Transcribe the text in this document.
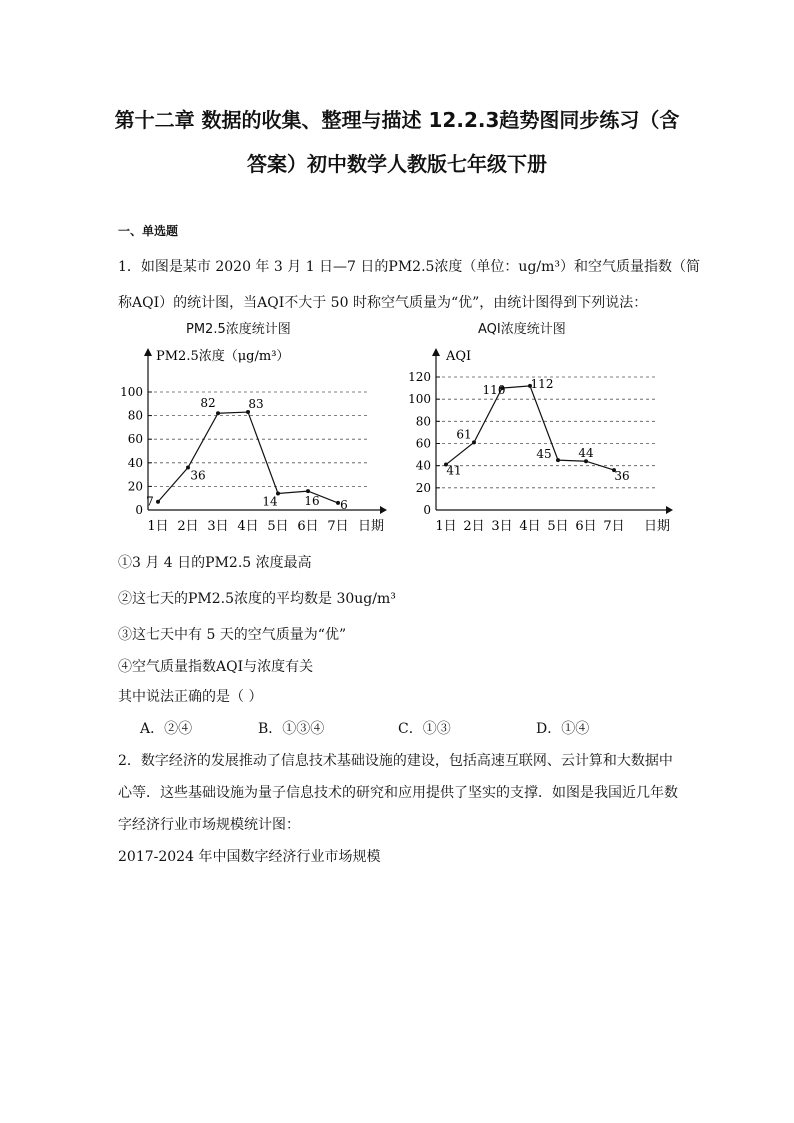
第十二章 数据的收集、整理与描述 12.2.3趋势图同步练习（含
答案）初中数学人教版七年级下册
一、单选题
1．如图是某市 2020 年 3 月 1 日—7 日的PM2.5浓度（单位：ug/m³）和空气质量指数（简
称AQI）的统计图，当AQI不大于 50 时称空气质量为“优”，由统计图得到下列说法：
PM2.5浓度统计图	AQI浓度统计图
0
20
40
60
80
100
PM2.5浓度（μg/m³）
日期
1日 2日 3日 4日 5日 6日 7日
7
36
82	83
14 16 6	0
20
40
60
80
100
120
AQI
日期
1日 2日 3日 4日 5日 6日 7日
41
61
110 112
45 44
36
①3 月 4 日的PM2.5 浓度最高
②这七天的PM2.5浓度的平均数是 30ug/m³
③这七天中有 5 天的空气质量为“优”
④空气质量指数AQI与浓度有关
其中说法正确的是（ ）
A．②④	B．①③④	C．①③	D．①④
2．数字经济的发展推动了信息技术基础设施的建设，包括高速互联网、云计算和大数据中
心等．这些基础设施为量子信息技术的研究和应用提供了坚实的支撑．如图是我国近几年数
字经济行业市场规模统计图：
2017-2024 年中国数字经济行业市场规模
